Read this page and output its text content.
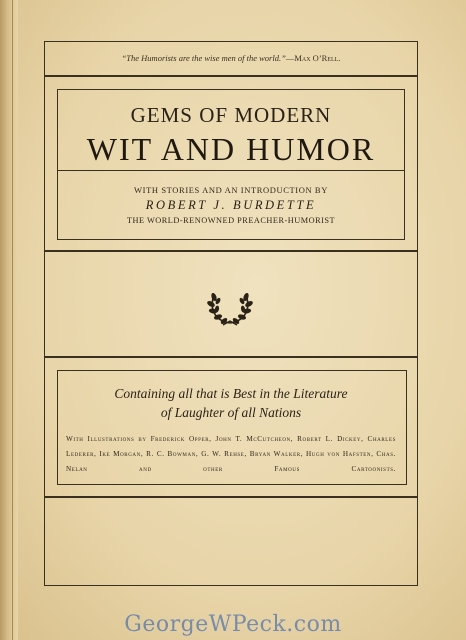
“The Humorists are the wise men of the world.”—Max O’Rell.
GEMS OF MODERN
WIT AND HUMOR
WITH STORIES AND AN INTRODUCTION BY
ROBERT J. BURDETTE
THE WORLD-RENOWNED PREACHER-HUMORIST
Containing all that is Best in the Literature
of Laughter of all Nations
With Illustrations by Frederick Opper, John T. McCutcheon, Robert L. Dickey, Charles Lederer, Ike Morgan, R. C. Bowman, G. W. Rehse, Bryan Walker, Hugh von Hafsten, Chas. Nelan and other Famous Cartoonists.
GeorgeWPeck.com
